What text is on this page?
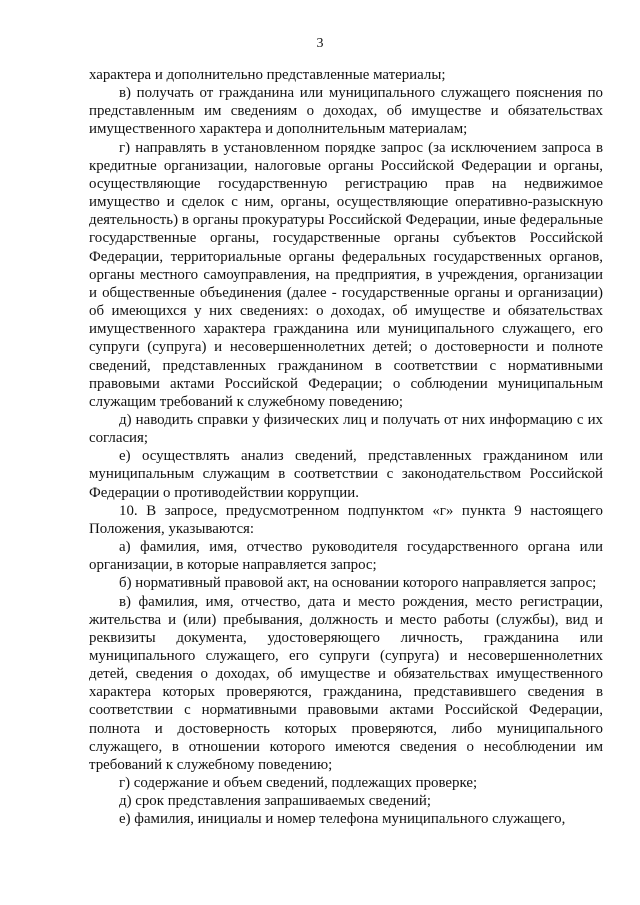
3

характера и дополнительно представленные материалы;

в) получать от гражданина или муниципального служащего пояснения по представленным им сведениям о доходах, об имуществе и обязательствах имущественного характера и дополнительным материалам;

г) направлять в установленном порядке запрос (за исключением запроса в кредитные организации, налоговые органы Российской Федерации и органы, осуществляющие государственную регистрацию прав на недвижимое имущество и сделок с ним, органы, осуществляющие оперативно-разыскную деятельность) в органы прокуратуры Российской Федерации, иные федеральные государственные органы, государственные органы субъектов Российской Федерации, территориальные органы федеральных государственных органов, органы местного самоуправления, на предприятия, в учреждения, организации и общественные объединения (далее - государственные органы и организации) об имеющихся у них сведениях: о доходах, об имуществе и обязательствах имущественного характера гражданина или муниципального служащего, его супруги (супруга) и несовершеннолетних детей; о достоверности и полноте сведений, представленных гражданином в соответствии с нормативными правовыми актами Российской Федерации; о соблюдении муниципальным служащим требований к служебному поведению;

д) наводить справки у физических лиц и получать от них информацию с их согласия;

е) осуществлять анализ сведений, представленных гражданином или муниципальным служащим в соответствии с законодательством Российской Федерации о противодействии коррупции.

10. В запросе, предусмотренном подпунктом «г» пункта 9 настоящего Положения, указываются:

а) фамилия, имя, отчество руководителя государственного органа или организации, в которые направляется запрос;

б) нормативный правовой акт, на основании которого направляется запрос;

в) фамилия, имя, отчество, дата и место рождения, место регистрации, жительства и (или) пребывания, должность и место работы (службы), вид и реквизиты документа, удостоверяющего личность, гражданина или муниципального служащего, его супруги (супруга) и несовершеннолетних детей, сведения о доходах, об имуществе и обязательствах имущественного характера которых проверяются, гражданина, представившего сведения в соответствии с нормативными правовыми актами Российской Федерации, полнота и достоверность которых проверяются, либо муниципального служащего, в отношении которого имеются сведения о несоблюдении им требований к служебному поведению;

г) содержание и объем сведений, подлежащих проверке;

д) срок представления запрашиваемых сведений;

е) фамилия, инициалы и номер телефона муниципального служащего,
